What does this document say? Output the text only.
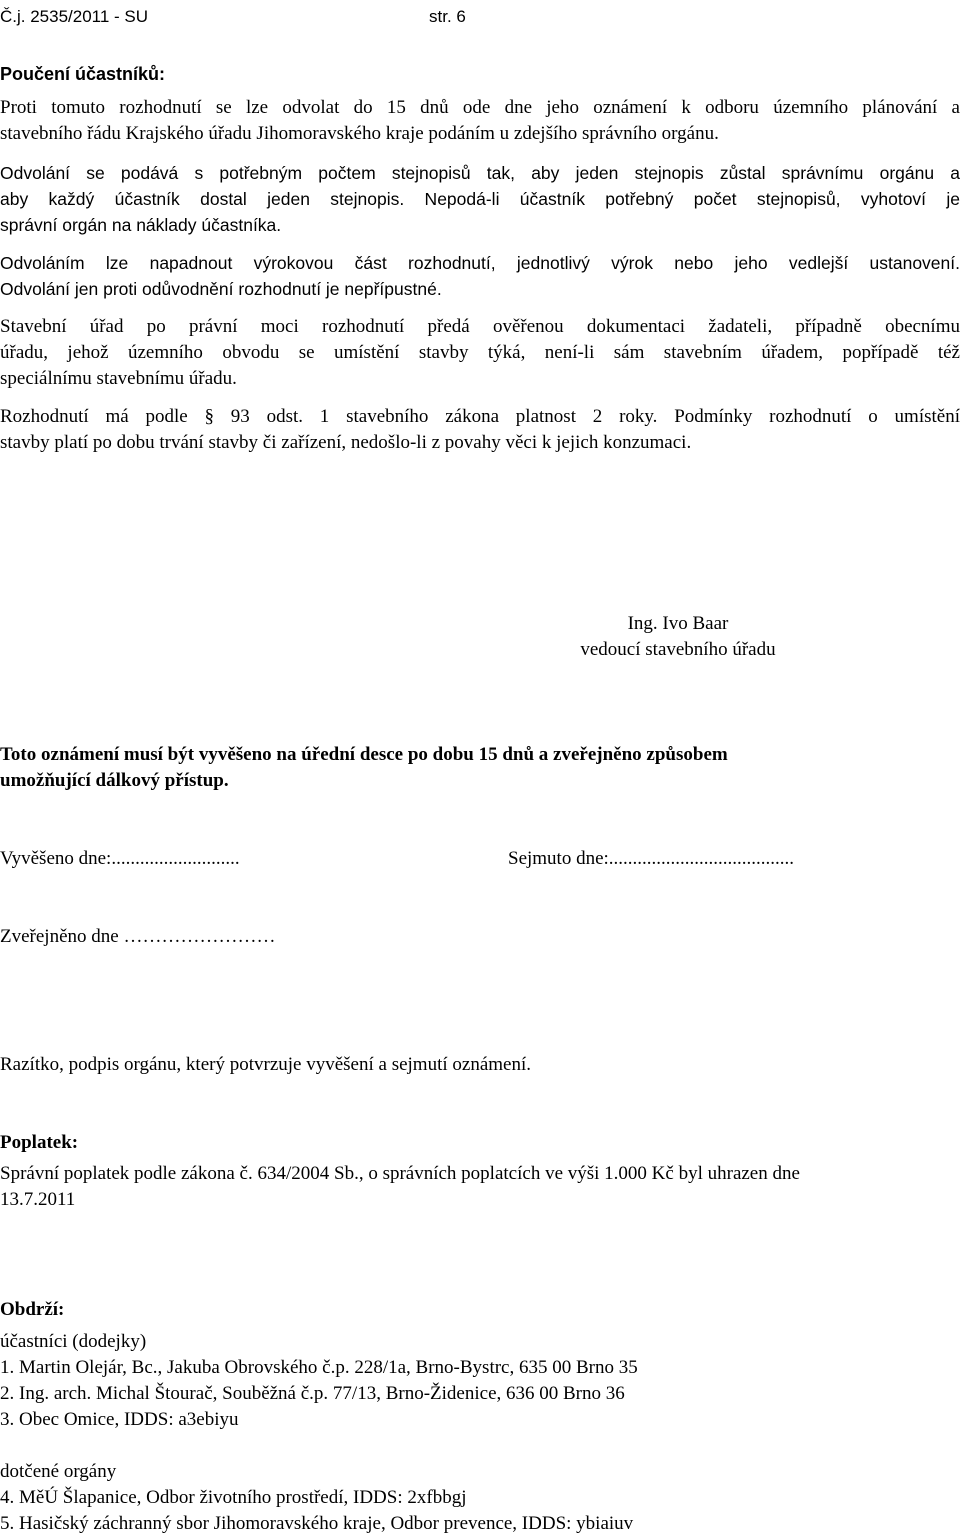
Č.j. 2535/2011 - SU	str. 6
Poučení účastníků:
Proti tomuto rozhodnutí se lze odvolat do 15 dnů ode dne jeho oznámení k odboru územního plánování a
stavebního řádu Krajského úřadu Jihomoravského kraje podáním u zdejšího správního orgánu.
Odvolání se podává s potřebným počtem stejnopisů tak, aby jeden stejnopis zůstal správnímu orgánu a
aby každý účastník dostal jeden stejnopis. Nepodá-li účastník potřebný počet stejnopisů, vyhotoví je
správní orgán na náklady účastníka.
Odvoláním lze napadnout výrokovou část rozhodnutí, jednotlivý výrok nebo jeho vedlejší ustanovení.
Odvolání jen proti odůvodnění rozhodnutí je nepřípustné.
Stavební úřad po právní moci rozhodnutí předá ověřenou dokumentaci žadateli, případně obecnímu
úřadu, jehož územního obvodu se umístění stavby týká, není-li sám stavebním úřadem, popřípadě též
speciálnímu stavebnímu úřadu.
Rozhodnutí má podle § 93 odst. 1 stavebního zákona platnost 2 roky. Podmínky rozhodnutí o umístění
stavby platí po dobu trvání stavby či zařízení, nedošlo-li z povahy věci k jejich konzumaci.
Ing. Ivo Baar
vedoucí stavebního úřadu
Toto oznámení musí být vyvěšeno na úřední desce po dobu 15 dnů a zveřejněno způsobem
umožňující dálkový přístup.
Vyvěšeno dne:...........................	Sejmuto dne:.......................................
Zveřejněno dne ……………………
Razítko, podpis orgánu, který potvrzuje vyvěšení a sejmutí oznámení.
Poplatek:
Správní poplatek podle zákona č. 634/2004 Sb., o správních poplatcích ve výši 1.000 Kč byl uhrazen dne
13.7.2011
Obdrží:
účastníci (dodejky)
1. Martin Olejár, Bc., Jakuba Obrovského č.p. 228/1a, Brno-Bystrc, 635 00 Brno 35
2. Ing. arch. Michal Štourač, Souběžná č.p. 77/13, Brno-Židenice, 636 00 Brno 36
3. Obec Omice, IDDS: a3ebiyu
dotčené orgány
4. MěÚ Šlapanice, Odbor životního prostředí, IDDS: 2xfbbgj
5. Hasičský záchranný sbor Jihomoravského kraje, Odbor prevence, IDDS: ybiaiuv
